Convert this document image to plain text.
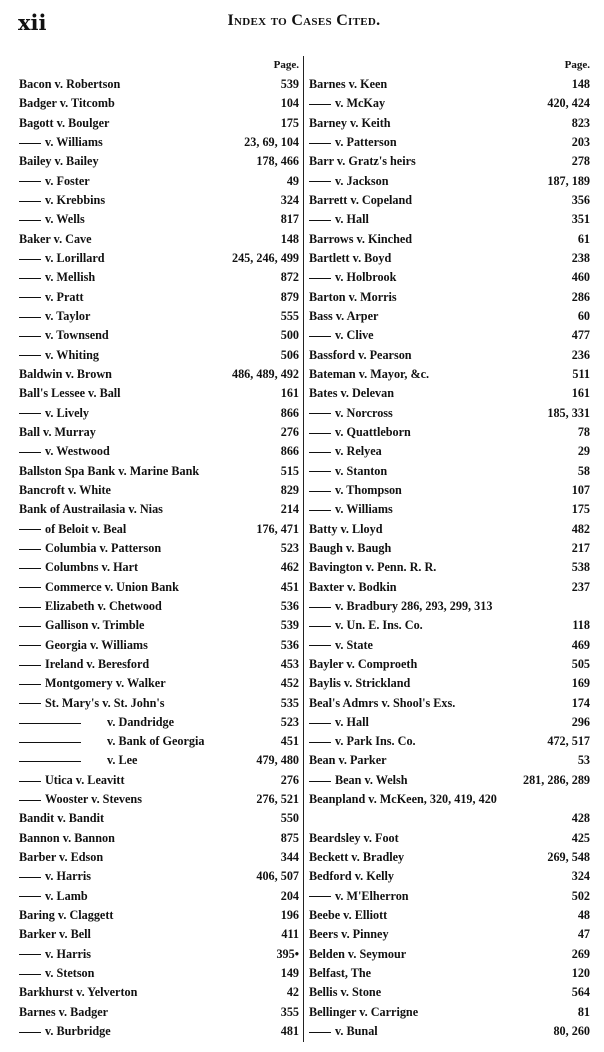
xii	Index to Cases Cited.
Page.
Bacon v. Robertson	539
Badger v. Titcomb	104
Bagott v. Boulger	175
v. Williams	23, 69, 104
Bailey v. Bailey	178, 466
v. Foster	49
v. Krebbins	324
v. Wells	817
Baker v. Cave	148
v. Lorillard	245, 246, 499
v. Mellish	872
v. Pratt	879
v. Taylor	555
v. Townsend	500
v. Whiting	506
Baldwin v. Brown	486, 489, 492
Ball's Lessee v. Ball	161
v. Lively	866
Ball v. Murray	276
v. Westwood	866
Ballston Spa Bank v. Marine Bank	515
Bancroft v. White	829
Bank of Austrailasia v. Nias	214
of Beloit v. Beal	176, 471
Columbia v. Patterson	523
Columbns v. Hart	462
Commerce v. Union Bank	451
Elizabeth v. Chetwood	536
Gallison v. Trimble	539
Georgia v. Williams	536
Ireland v. Beresford	453
Montgomery v. Walker	452
St. Mary's v. St. John's	535
v. Dandridge	523
v. Bank of Georgia	451
v. Lee	479, 480
Utica v. Leavitt	276
Wooster v. Stevens	276, 521
Bandit v. Bandit	550
Bannon v. Bannon	875
Barber v. Edson	344
v. Harris	406, 507
v. Lamb	204
Baring v. Claggett	196
Barker v. Bell	411
v. Harris	395•
v. Stetson	149
Barkhurst v. Yelverton	42
Barnes v. Badger	355
v. Burbridge	481
Page.
Barnes v. Keen	148
v. McKay	420, 424
Barney v. Keith	823
v. Patterson	203
Barr v. Gratz's heirs	278
v. Jackson	187, 189
Barrett v. Copeland	356
v. Hall	351
Barrows v. Kinched	61
Bartlett v. Boyd	238
v. Holbrook	460
Barton v. Morris	286
Bass v. Arper	60
v. Clive	477
Bassford v. Pearson	236
Bateman v. Mayor, &c.	511
Bates v. Delevan	161
v. Norcross	185, 331
v. Quattleborn	78
v. Relyea	29
v. Stanton	58
v. Thompson	107
v. Williams	175
Batty v. Lloyd	482
Baugh v. Baugh	217
Bavington v. Penn. R. R.	538
Baxter v. Bodkin	237
v. Bradbury 286, 293, 299, 313
v. Un. E. Ins. Co.	118
v. State	469
Bayler v. Comproeth	505
Baylis v. Strickland	169
Beal's Admrs v. Shool's Exs.	174
v. Hall	296
v. Park Ins. Co.	472, 517
Bean v. Parker	53
Bean v. Welsh	281, 286, 289
Beanpland v. McKeen, 320, 419, 420
428
Beardsley v. Foot	425
Beckett v. Bradley	269, 548
Bedford v. Kelly	324
v. M'Elherron	502
Beebe v. Elliott	48
Beers v. Pinney	47
Belden v. Seymour	269
Belfast, The	120
Bellis v. Stone	564
Bellinger v. Carrigne	81
v. Bunal	80, 260
